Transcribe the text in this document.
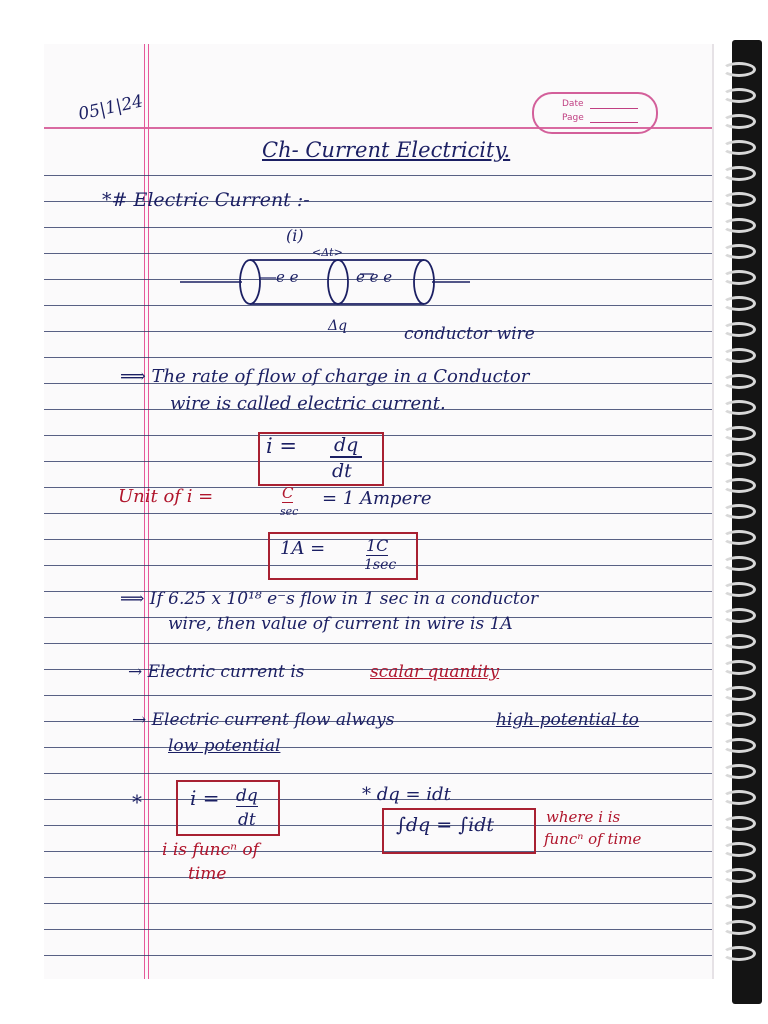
Date
Page
05|1|24
Ch- Current Electricity.
*# Electric Current :-
(i)
<Δt>
e e	e e e
Δq	conductor wire
⟹ The rate of flow of charge in a Conductor
wire is called electric current.
i = dq
dt
Unit of i =	C
sec
= 1 Ampere
1A =	1C
1sec
⟹ If 6.25 x 10¹⁸ e⁻s flow in 1 sec in a conductor
wire, then value of current in wire is 1A
→ Electric current is	scalar quantity
→ Electric current flow always	high potential to
low potential
* i = dq
dt
i is funcⁿ of
time
* dq = idt
∫dq = ∫idt	where i is
funcⁿ of time
